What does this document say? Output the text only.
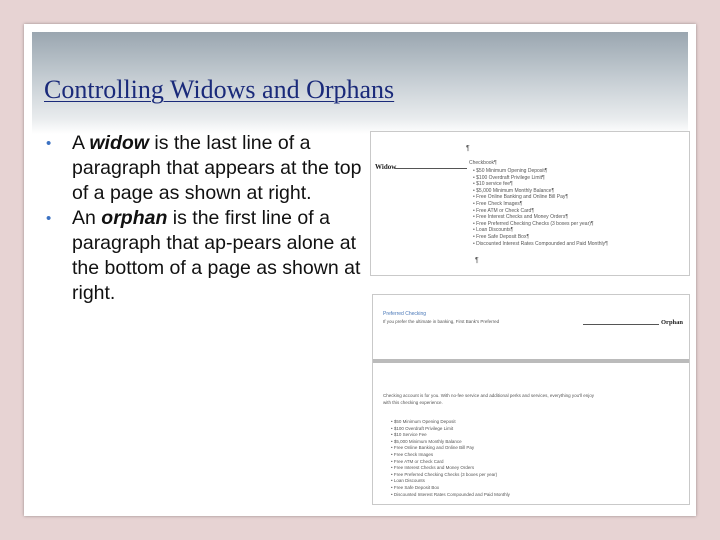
Controlling Widows and Orphans
• A widow is the last line of a paragraph that appears at the top of a page as shown at right.
• An orphan is the first line of a paragraph that ap-pears alone at the bottom of a page as shown at right.
¶
Widow	Checkbook¶
• $50 Minimum Opening Deposit¶
• $100 Overdraft Privilege Limit¶
• $10 service fee¶
• $5,000 Minimum Monthly Balance¶
• Free Online Banking and Online Bill Pay¶
• Free Check Images¶
• Free ATM or Check Card¶
• Free Interest Checks and Money Orders¶
• Free Preferred Checking Checks (3 boxes per year)¶
• Loan Discounts¶
• Free Safe Deposit Box¶
• Discounted Interest Rates Compounded and Paid Monthly¶
¶
Preferred Checking
If you prefer the ultimate in banking, First Bank's Preferred	Orphan
Checking account is for you. With no-fee service and additional perks and services, everything you'll enjoy with this checking experience.
• $50 Minimum Opening Deposit
• $100 Overdraft Privilege Limit
• $10 Service Fee
• $5,000 Minimum Monthly Balance
• Free Online Banking and Online Bill Pay
• Free Check Images
• Free ATM or Check Card
• Free Interest Checks and Money Orders
• Free Preferred Checking Checks (3 boxes per year)
• Loan Discounts
• Free Safe Deposit Box
• Discounted Interest Rates Compounded and Paid Monthly
